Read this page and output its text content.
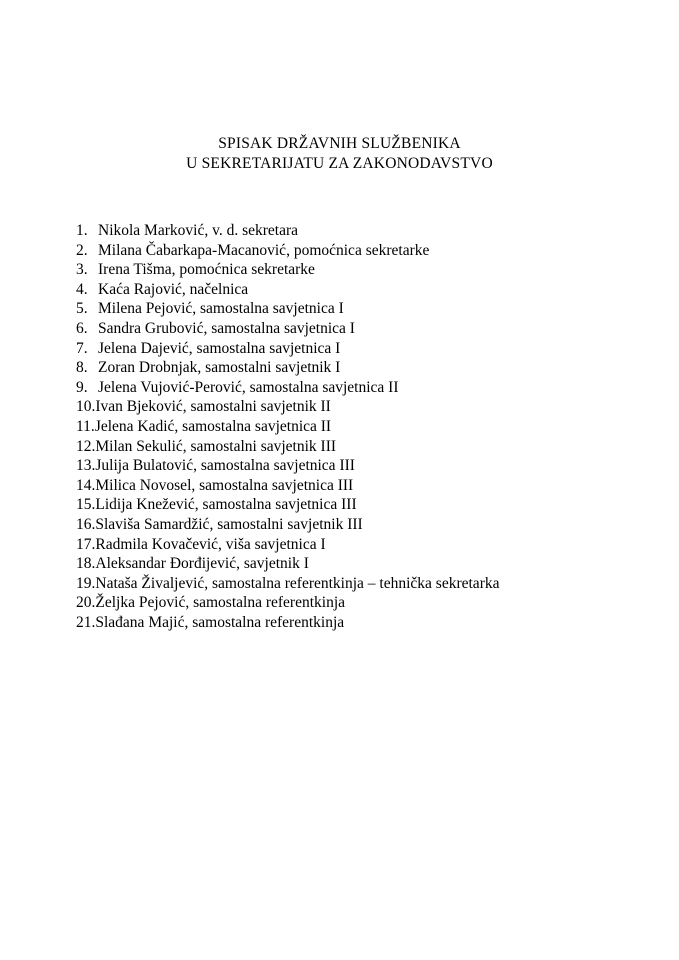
SPISAK DRŽAVNIH SLUŽBENIKA
U SEKRETARIJATU ZA ZAKONODAVSTVO
1. Nikola Marković, v. d. sekretara
2. Milana Čabarkapa-Macanović, pomoćnica sekretarke
3. Irena Tišma, pomoćnica sekretarke
4. Kaća Rajović, načelnica
5. Milena Pejović, samostalna savjetnica I
6. Sandra Grubović, samostalna savjetnica I
7. Jelena Dajević, samostalna savjetnica I
8. Zoran Drobnjak, samostalni savjetnik I
9. Jelena Vujović-Perović, samostalna savjetnica II
10.Ivan Bjeković, samostalni savjetnik II
11.Jelena Kadić, samostalna savjetnica II
12.Milan Sekulić, samostalni savjetnik III
13.Julija Bulatović, samostalna savjetnica III
14.Milica Novosel, samostalna savjetnica III
15.Lidija Knežević, samostalna savjetnica III
16.Slaviša Samardžić, samostalni savjetnik III
17.Radmila Kovačević, viša savjetnica I
18.Aleksandar Đorđijević, savjetnik I
19.Nataša Živaljević, samostalna referentkinja – tehnička sekretarka
20.Željka Pejović, samostalna referentkinja
21.Slađana Majić, samostalna referentkinja
